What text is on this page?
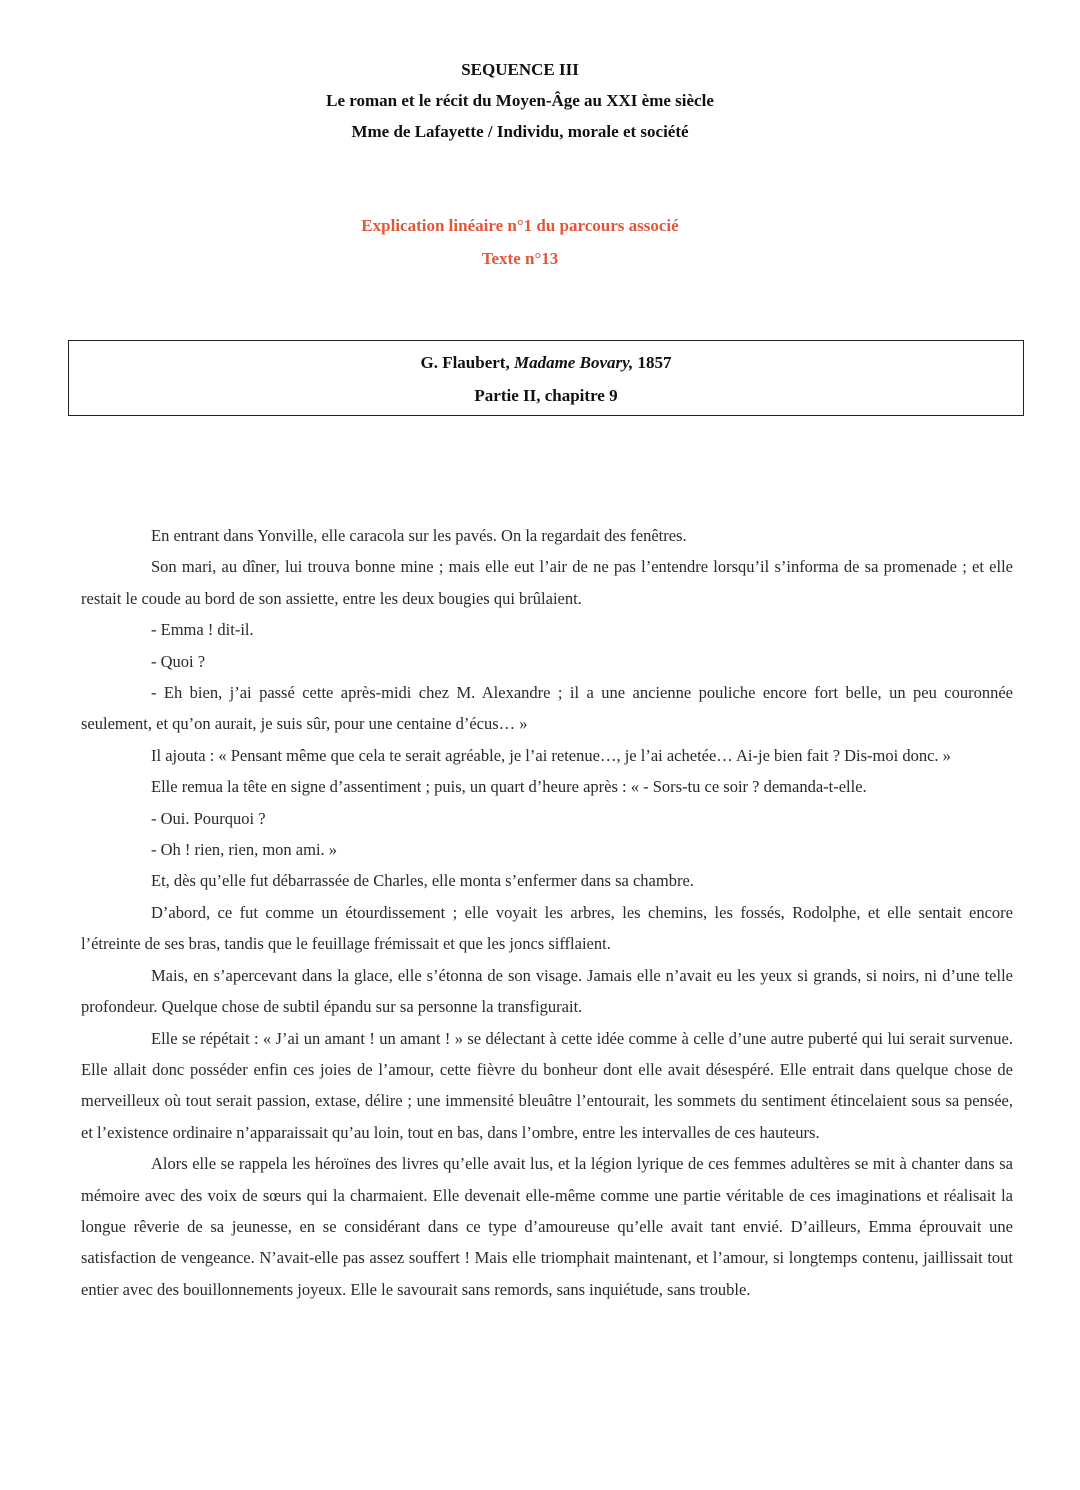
SEQUENCE III
Le roman et le récit du Moyen-Âge au XXI ème siècle
Mme de Lafayette / Individu, morale et société
Explication linéaire n°1 du parcours associé
Texte n°13
G. Flaubert, Madame Bovary, 1857
Partie II, chapitre 9

En entrant dans Yonville, elle caracola sur les pavés. On la regardait des fenêtres.

Son mari, au dîner, lui trouva bonne mine ; mais elle eut l’air de ne pas l’entendre lorsqu’il s’informa de sa promenade ; et elle restait le coude au bord de son assiette, entre les deux bougies qui brûlaient.

- Emma ! dit-il.

- Quoi ?

- Eh bien, j’ai passé cette après-midi chez M. Alexandre ; il a une ancienne pouliche encore fort belle, un peu couronnée seulement, et qu’on aurait, je suis sûr, pour une centaine d’écus… »

Il ajouta : « Pensant même que cela te serait agréable, je l’ai retenue…, je l’ai achetée… Ai-je bien fait ? Dis-moi donc. »

Elle remua la tête en signe d’assentiment ; puis, un quart d’heure après : « - Sors-tu ce soir ? demanda-t-elle.

- Oui. Pourquoi ?

- Oh ! rien, rien, mon ami. »

Et, dès qu’elle fut débarrassée de Charles, elle monta s’enfermer dans sa chambre.

D’abord, ce fut comme un étourdissement ; elle voyait les arbres, les chemins, les fossés, Rodolphe, et elle sentait encore l’étreinte de ses bras, tandis que le feuillage frémissait et que les joncs sifflaient.

Mais, en s’apercevant dans la glace, elle s’étonna de son visage. Jamais elle n’avait eu les yeux si grands, si noirs, ni d’une telle profondeur. Quelque chose de subtil épandu sur sa personne la transfigurait.

Elle se répétait : « J’ai un amant ! un amant ! » se délectant à cette idée comme à celle d’une autre puberté qui lui serait survenue. Elle allait donc posséder enfin ces joies de l’amour, cette fièvre du bonheur dont elle avait désespéré. Elle entrait dans quelque chose de merveilleux où tout serait passion, extase, délire ; une immensité bleuâtre l’entourait, les sommets du sentiment étincelaient sous sa pensée, et l’existence ordinaire n’apparaissait qu’au loin, tout en bas, dans l’ombre, entre les intervalles de ces hauteurs.

Alors elle se rappela les héroïnes des livres qu’elle avait lus, et la légion lyrique de ces femmes adultères se mit à chanter dans sa mémoire avec des voix de sœurs qui la charmaient. Elle devenait elle-même comme une partie véritable de ces imaginations et réalisait la longue rêverie de sa jeunesse, en se considérant dans ce type d’amoureuse qu’elle avait tant envié. D’ailleurs, Emma éprouvait une satisfaction de vengeance. N’avait-elle pas assez souffert ! Mais elle triomphait maintenant, et l’amour, si longtemps contenu, jaillissait tout entier avec des bouillonnements joyeux. Elle le savourait sans remords, sans inquiétude, sans trouble.
